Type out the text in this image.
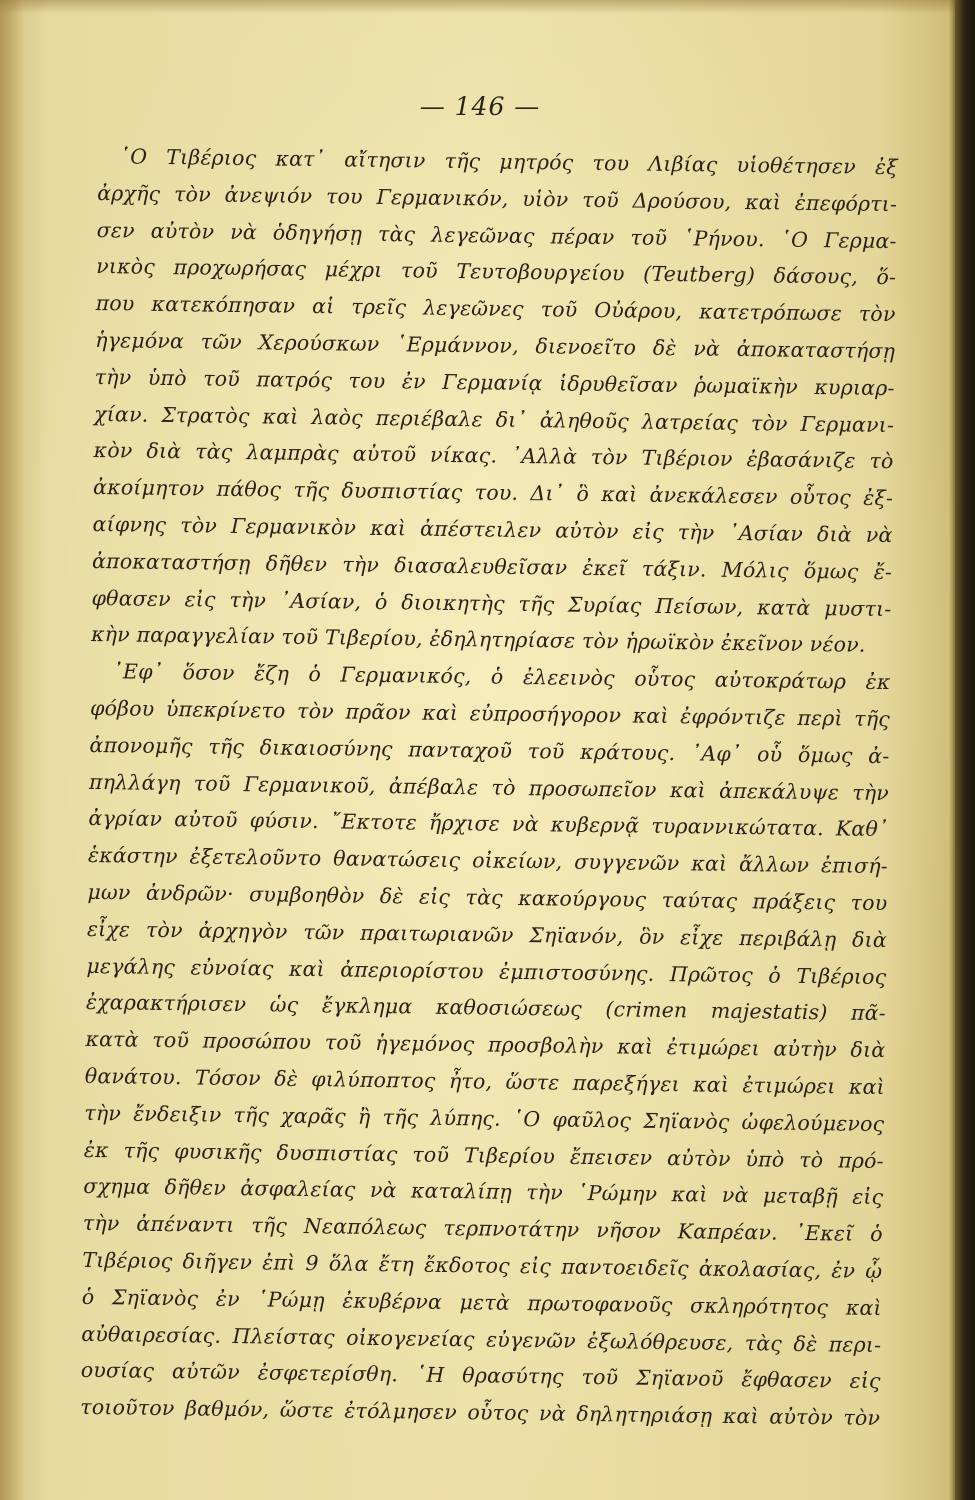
— 146 —
῾Ο Τιβέριος κατ᾽ αἴτησιν τῆς μητρός του Λιβίας υἱοθέτησεν ἐξ
ἀρχῆς τὸν ἀνεψιόν του Γερμανικόν, υἱὸν τοῦ Δρούσου, καὶ ἐπεφόρτι-
σεν αὐτὸν νὰ ὁδηγήσῃ τὰς λεγεῶνας πέραν τοῦ ῾Ρήνου. ῾Ο Γερμα-
νικὸς προχωρήσας μέχρι τοῦ Τευτοβουργείου (Teutberg) δάσους, ὅ-
που κατεκόπησαν αἱ τρεῖς λεγεῶνες τοῦ Οὐάρου, κατετρόπωσε τὸν
ἡγεμόνα τῶν Χερούσκων ῾Ερμάννον, διενοεῖτο δὲ νὰ ἀποκαταστήσῃ
τὴν ὑπὸ τοῦ πατρός του ἐν Γερμανίᾳ ἱδρυθεῖσαν ῥωμαϊκὴν κυριαρ-
χίαν. Στρατὸς καὶ λαὸς περιέβαλε δι᾽ ἀληθοῦς λατρείας τὸν Γερμανι-
κὸν διὰ τὰς λαμπρὰς αὐτοῦ νίκας. ᾽Αλλὰ τὸν Τιβέριον ἐβασάνιζε τὸ
ἀκοίμητον πάθος τῆς δυσπιστίας του. Δι᾽ ὃ καὶ ἀνεκάλεσεν οὗτος ἐξ-
αίφνης τὸν Γερμανικὸν καὶ ἀπέστειλεν αὐτὸν εἰς τὴν ᾽Ασίαν διὰ νὰ
ἀποκαταστήσῃ δῆθεν τὴν διασαλευθεῖσαν ἐκεῖ τάξιν. Μόλις ὅμως ἔ-
φθασεν εἰς τὴν ᾽Ασίαν, ὁ διοικητὴς τῆς Συρίας Πείσων, κατὰ μυστι-
κὴν παραγγελίαν τοῦ Τιβερίου, ἐδηλητηρίασε τὸν ἡρωϊκὸν ἐκεῖνον νέον.
᾽Εφ᾽ ὅσον ἔζη ὁ Γερμανικός, ὁ ἐλεεινὸς οὗτος αὐτοκράτωρ ἐκ
φόβου ὑπεκρίνετο τὸν πρᾶον καὶ εὐπροσήγορον καὶ ἐφρόντιζε περὶ τῆς
ἀπονομῆς τῆς δικαιοσύνης πανταχοῦ τοῦ κράτους. ᾽Αφ᾽ οὗ ὅμως ἀ-
πηλλάγη τοῦ Γερμανικοῦ, ἀπέβαλε τὸ προσωπεῖον καὶ ἀπεκάλυψε τὴν
ἀγρίαν αὐτοῦ φύσιν. ῎Εκτοτε ἤρχισε νὰ κυβερνᾷ τυραννικώτατα. Καθ᾽
ἑκάστην ἐξετελοῦντο θανατώσεις οἰκείων, συγγενῶν καὶ ἄλλων ἐπισή-
μων ἀνδρῶν· συμβοηθὸν δὲ εἰς τὰς κακούργους ταύτας πράξεις του
εἶχε τὸν ἀρχηγὸν τῶν πραιτωριανῶν Σηϊανόν, ὃν εἶχε περιβάλῃ διὰ
μεγάλης εὐνοίας καὶ ἀπεριορίστου ἐμπιστοσύνης. Πρῶτος ὁ Τιβέριος
ἐχαρακτήρισεν ὡς ἔγκλημα καθοσιώσεως (crimen majestatis) πᾶ-
κατὰ τοῦ προσώπου τοῦ ἡγεμόνος προσβολὴν καὶ ἐτιμώρει αὐτὴν διὰ
θανάτου. Τόσον δὲ φιλύποπτος ἦτο, ὥστε παρεξήγει καὶ ἐτιμώρει καὶ
τὴν ἔνδειξιν τῆς χαρᾶς ἢ τῆς λύπης. ῾Ο φαῦλος Σηϊανὸς ὠφελούμενος
ἐκ τῆς φυσικῆς δυσπιστίας τοῦ Τιβερίου ἔπεισεν αὐτὸν ὑπὸ τὸ πρό-
σχημα δῆθεν ἀσφαλείας νὰ καταλίπῃ τὴν ῾Ρώμην καὶ νὰ μεταβῇ εἰς
τὴν ἀπέναντι τῆς Νεαπόλεως τερπνοτάτην νῆσον Καπρέαν. ᾽Εκεῖ ὁ
Τιβέριος διῆγεν ἐπὶ 9 ὅλα ἔτη ἔκδοτος εἰς παντοειδεῖς ἀκολασίας, ἐν ᾧ
ὁ Σηϊανὸς ἐν ῾Ρώμῃ ἐκυβέρνα μετὰ πρωτοφανοῦς σκληρότητος καὶ
αὐθαιρεσίας. Πλείστας οἰκογενείας εὐγενῶν ἐξωλόθρευσε, τὰς δὲ περι-
ουσίας αὐτῶν ἐσφετερίσθη. ῾Η θρασύτης τοῦ Σηϊανοῦ ἔφθασεν εἰς
τοιοῦτον βαθμόν, ὥστε ἐτόλμησεν οὗτος νὰ δηλητηριάσῃ καὶ αὐτὸν τὸν
